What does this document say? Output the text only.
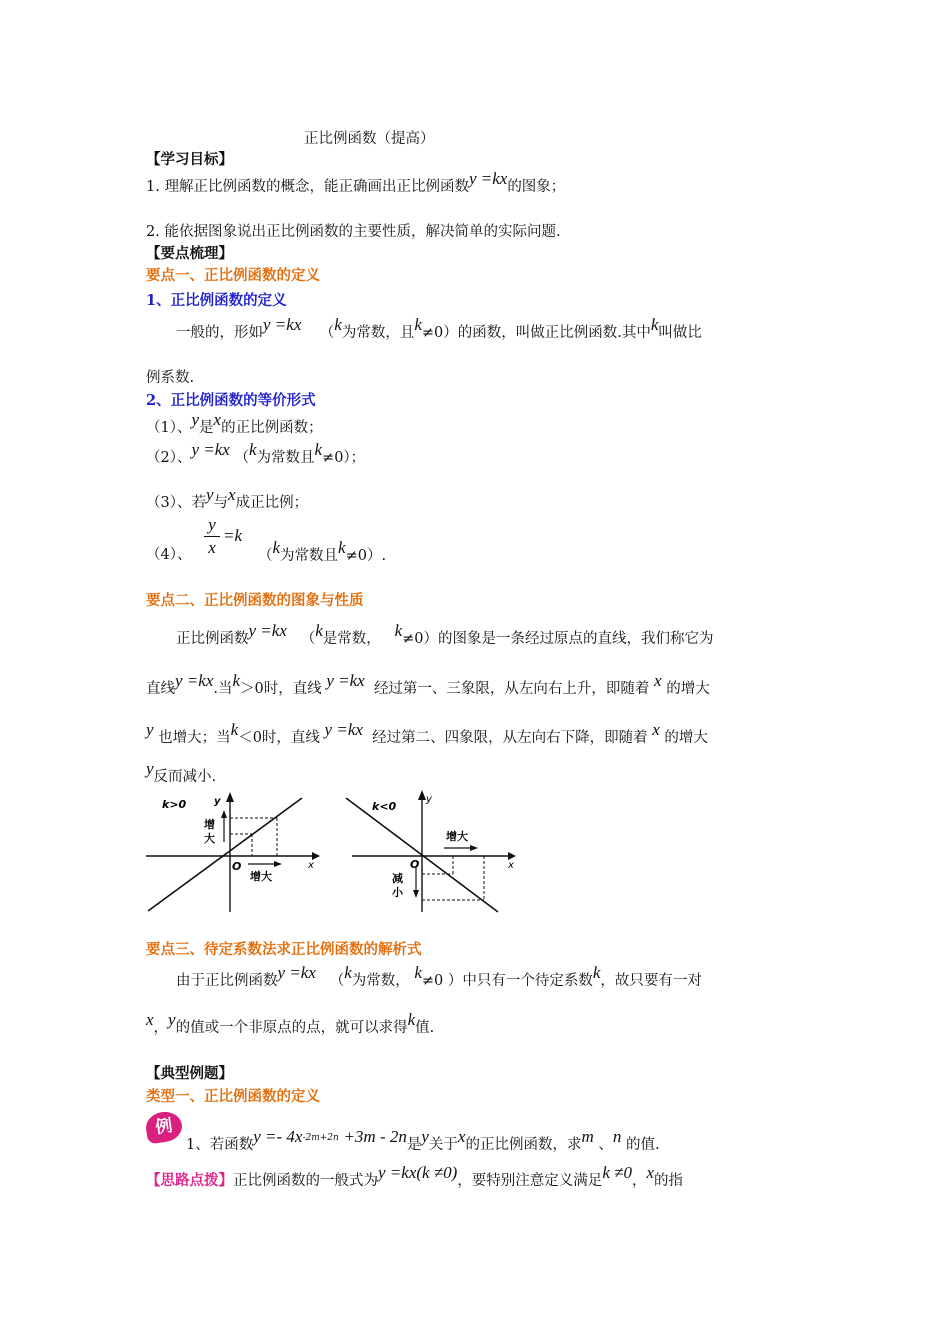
正比例函数（提高）
【学习目标】
1. 理解正比例函数的概念，能正确画出正比例函数y =kx的图象；
2. 能依据图象说出正比例函数的主要性质，解决简单的实际问题.
【要点梳理】
要点一、正比例函数的定义
1、正比例函数的定义
一般的，形如y =kx （k为常数，且k≠0）的函数，叫做正比例函数.其中k叫做比
例系数.
2、正比例函数的等价形式
（1）、y是x的正比例函数；
（2）、y =kx （k为常数且k≠0）；
（3）、若y与x成正比例；
（4）、
y
x
=k
（k为常数且k≠0）.
要点二、正比例函数的图象与性质
正比例函数y =kx （k是常数， k≠0）的图象是一条经过原点的直线，我们称它为
直线y =kx.当k＞0时，直线 y =kx 经过第一、三象限，从左向右上升，即随着 x 的增大
y 也增大；当k＜0时，直线 y =kx 经过第二、四象限，从左向右下降，即随着 x 的增大
y反而减小.
k>0	y
x
O
增
大
增大
k<0
y
x
O
减
小
增大
要点三、待定系数法求正比例函数的解析式
由于正比例函数y =kx （k为常数， k≠0 ）中只有一个待定系数k，故只要有一对
x，y的值或一个非原点的点，就可以求得k值.
【典型例题】
类型一、正比例函数的定义
例
1、若函数$y =- 4x^{-2m+2n} +3m - 2n$是y关于x的正比例函数，求m 、n 的值.
【思路点拨】正比例函数的一般式为y =kx(k ≠0)，要特别注意定义满足k ≠0，x的指
